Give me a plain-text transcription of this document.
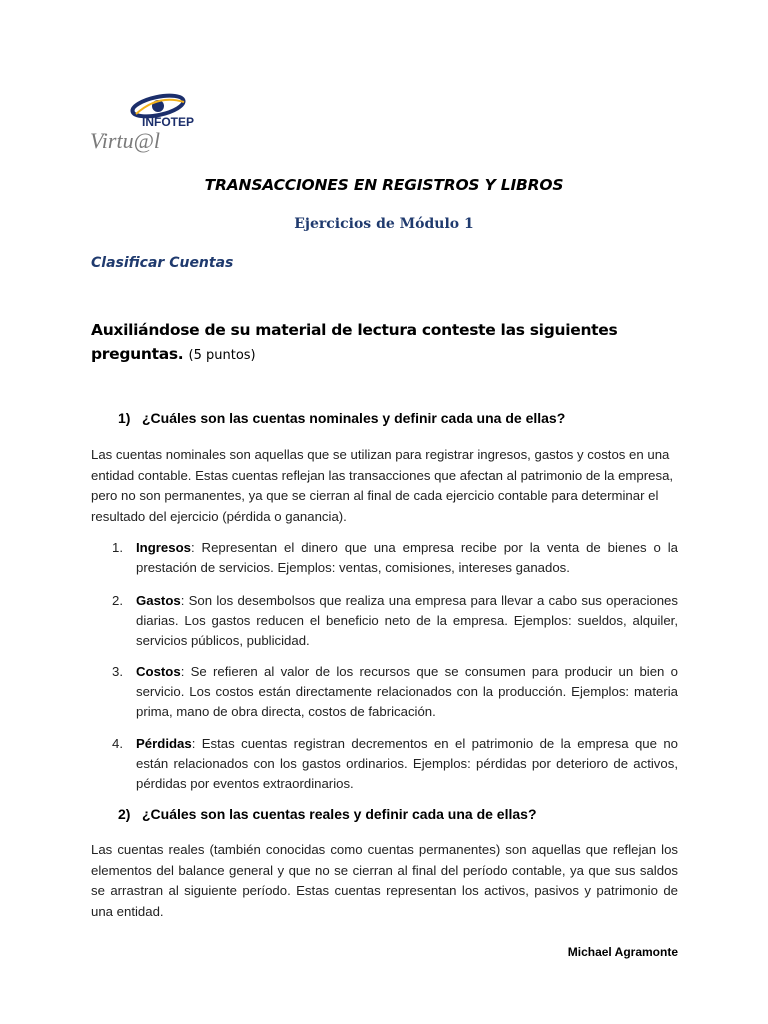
INFOTEP
Virtu@l
TRANSACCIONES EN REGISTROS Y LIBROS
Ejercicios de Módulo 1
Clasificar Cuentas
Auxiliándose de su material de lectura conteste las siguientes preguntas. (5 puntos)
1) ¿Cuáles son las cuentas nominales y definir cada una de ellas?
Las cuentas nominales son aquellas que se utilizan para registrar ingresos, gastos y costos en una entidad contable. Estas cuentas reflejan las transacciones que afectan al patrimonio de la empresa, pero no son permanentes, ya que se cierran al final de cada ejercicio contable para determinar el resultado del ejercicio (pérdida o ganancia).
1. Ingresos: Representan el dinero que una empresa recibe por la venta de bienes o la prestación de servicios. Ejemplos: ventas, comisiones, intereses ganados.
2. Gastos: Son los desembolsos que realiza una empresa para llevar a cabo sus operaciones diarias. Los gastos reducen el beneficio neto de la empresa. Ejemplos: sueldos, alquiler, servicios públicos, publicidad.
3. Costos: Se refieren al valor de los recursos que se consumen para producir un bien o servicio. Los costos están directamente relacionados con la producción. Ejemplos: materia prima, mano de obra directa, costos de fabricación.
4. Pérdidas: Estas cuentas registran decrementos en el patrimonio de la empresa que no están relacionados con los gastos ordinarios. Ejemplos: pérdidas por deterioro de activos, pérdidas por eventos extraordinarios.
2) ¿Cuáles son las cuentas reales y definir cada una de ellas?
Las cuentas reales (también conocidas como cuentas permanentes) son aquellas que reflejan los elementos del balance general y que no se cierran al final del período contable, ya que sus saldos se arrastran al siguiente período. Estas cuentas representan los activos, pasivos y patrimonio de una entidad.
Michael Agramonte
